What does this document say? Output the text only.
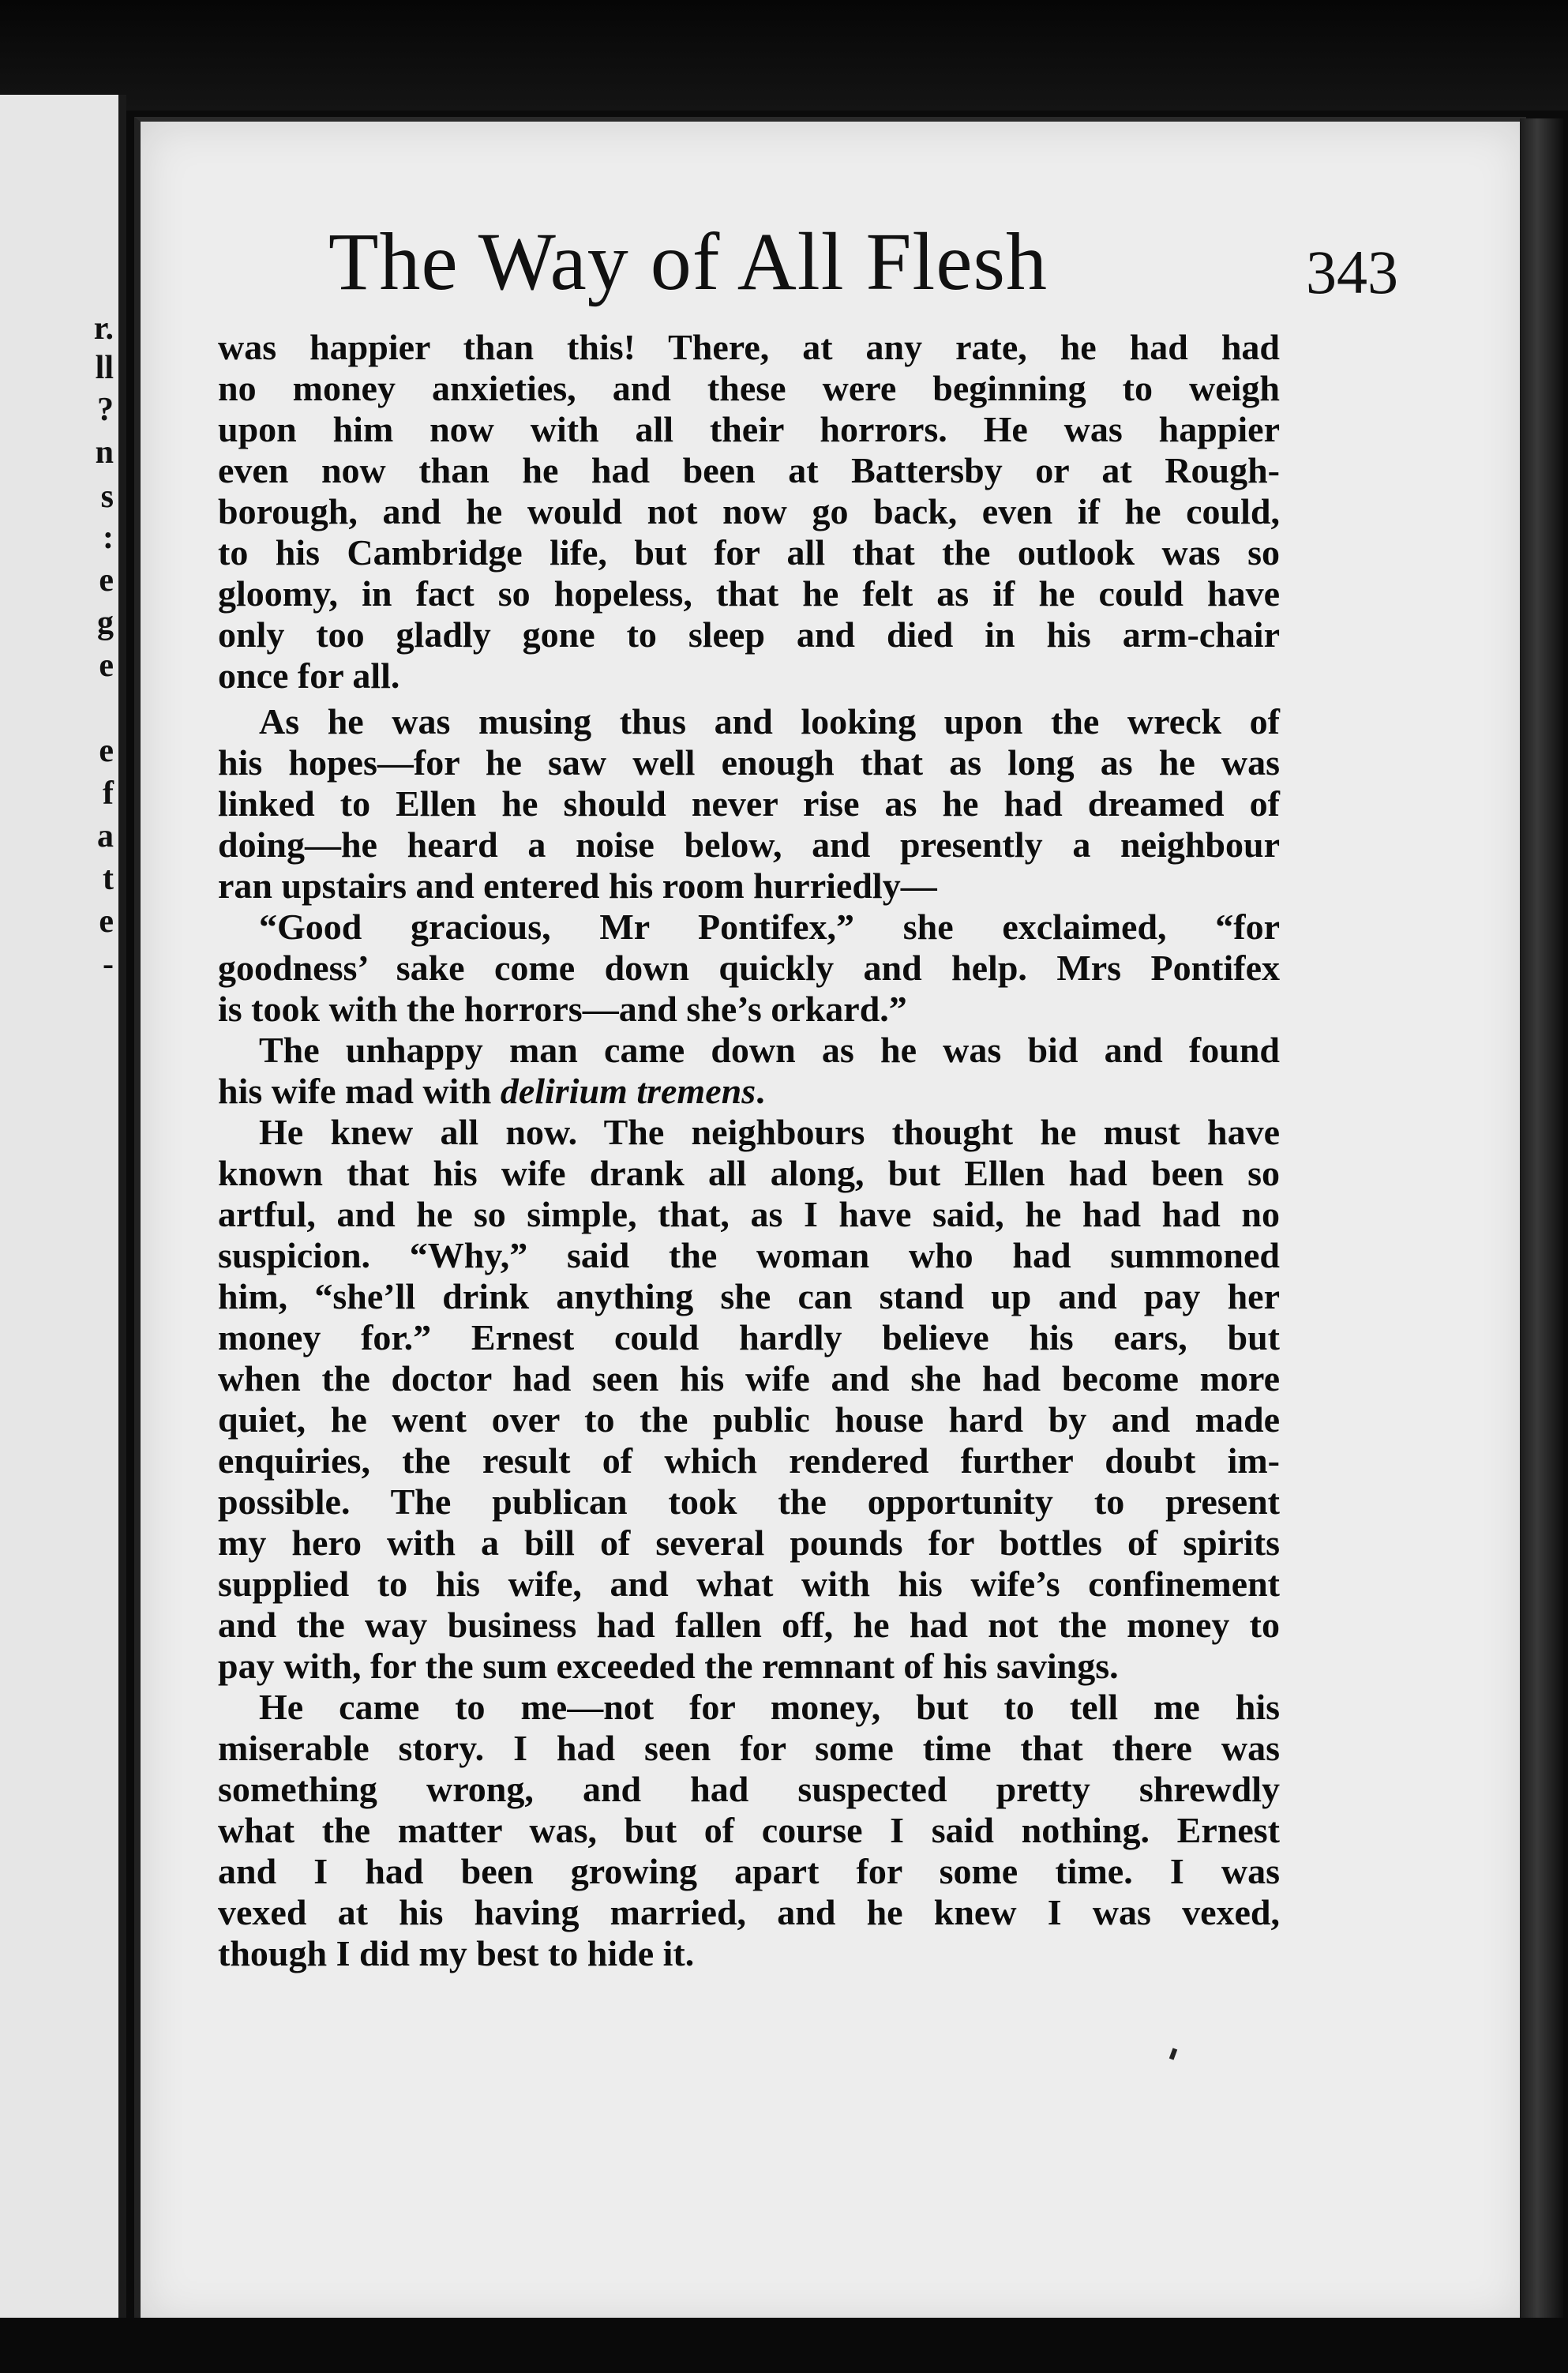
r.
ll
?
n
s
:
e
g
e
e
f
a
t
e
-
The Way of All Flesh	343
was happier than this! There, at any rate, he had had
no money anxieties, and these were beginning to weigh
upon him now with all their horrors. He was happier
even now than he had been at Battersby or at Rough-
borough, and he would not now go back, even if he could,
to his Cambridge life, but for all that the outlook was so
gloomy, in fact so hopeless, that he felt as if he could have
only too gladly gone to sleep and died in his arm-chair
once for all.
As he was musing thus and looking upon the wreck of
his hopes—for he saw well enough that as long as he was
linked to Ellen he should never rise as he had dreamed of
doing—he heard a noise below, and presently a neighbour
ran upstairs and entered his room hurriedly—
“Good gracious, Mr Pontifex,” she exclaimed, “for
goodness’ sake come down quickly and help. Mrs Pontifex
is took with the horrors—and she’s orkard.”
The unhappy man came down as he was bid and found
his wife mad with delirium tremens.
He knew all now. The neighbours thought he must have
known that his wife drank all along, but Ellen had been so
artful, and he so simple, that, as I have said, he had had no
suspicion. “Why,” said the woman who had summoned
him, “she’ll drink anything she can stand up and pay her
money for.” Ernest could hardly believe his ears, but
when the doctor had seen his wife and she had become more
quiet, he went over to the public house hard by and made
enquiries, the result of which rendered further doubt im-
possible. The publican took the opportunity to present
my hero with a bill of several pounds for bottles of spirits
supplied to his wife, and what with his wife’s confinement
and the way business had fallen off, he had not the money to
pay with, for the sum exceeded the remnant of his savings.
He came to me—not for money, but to tell me his
miserable story. I had seen for some time that there was
something wrong, and had suspected pretty shrewdly
what the matter was, but of course I said nothing. Ernest
and I had been growing apart for some time. I was
vexed at his having married, and he knew I was vexed,
though I did my best to hide it.
